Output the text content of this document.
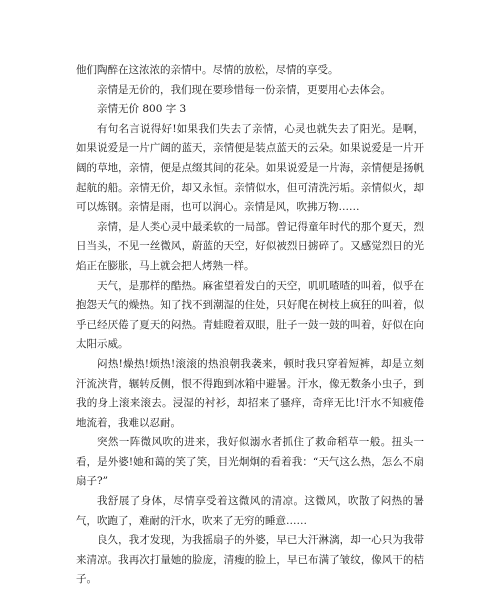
他们陶醉在这浓浓的亲情中。尽情的放松，尽情的享受。

亲情是无价的，我们现在要珍惜每一份亲情，更要用心去体会。

亲情无价 800 字 3

有句名言说得好!如果我们失去了亲情，心灵也就失去了阳光。是啊，如果说爱是一片广阔的蓝天，亲情便是装点蓝天的云朵。如果说爱是一片开阔的草地，亲情，便是点缀其间的花朵。如果说爱是一片海，亲情便是扬帆起航的船。亲情无价，却又永恒。亲情似水，但可清洗污垢。亲情似火，却可以炼钢。亲情是雨，也可以润心。亲情是风，吹拂万物……

亲情，是人类心灵中最柔软的一局部。曾记得童年时代的那个夏天，烈日当头，不见一丝微风，蔚蓝的天空，好似被烈日掳碎了。又感觉烈日的光焰正在膨胀，马上就会把人烤熟一样。

天气，是那样的酷热。麻雀望着发白的天空，叽叽喳喳的叫着，似乎在抱怨天气的燥热。知了找不到潮湿的住处，只好爬在树枝上疯狂的叫着，似乎已经厌倦了夏天的闷热。青蛙瞪着双眼，肚子一鼓一鼓的叫着，好似在向太阳示威。

闷热!燥热!烦热!滚滚的热浪朝我袭来，顿时我只穿着短裤，却是立刻汗流浃背，辗转反侧，恨不得跑到冰箱中避暑。汗水，像无数条小虫子，到我的身上滚来滚去。浸湿的衬衫，却招来了骚痒，奇痒无比!汗水不知疲倦地流着，我难以忍耐。

突然一阵微风吹的进来，我好似溺水者抓住了救命稻草一般。扭头一看，是外婆!她和蔼的笑了笑，目光炯炯的看着我：“天气这么热，怎么不扇扇子?”

我舒展了身体，尽情享受着这微风的清凉。这微风，吹散了闷热的暑气，吹跑了，难耐的汗水，吹来了无穷的睡意……

良久，我才发现，为我摇扇子的外婆，早已大汗淋漓，却一心只为我带来清凉。我再次打量她的脸庞，清瘦的脸上，早已布满了皱纹，像风干的桔子。
